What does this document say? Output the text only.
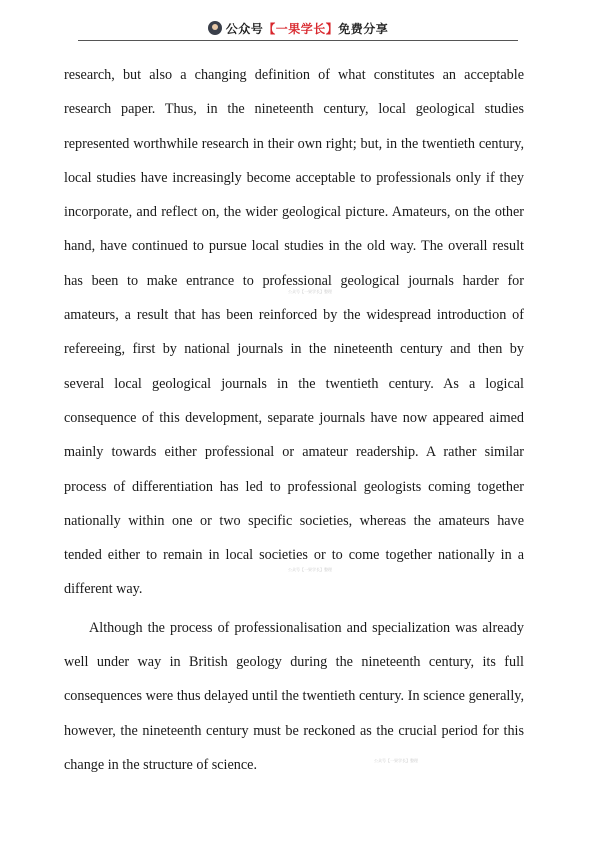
公众号【一果学长】免费分享

research, but also a changing definition of what constitutes an acceptable research paper. Thus, in the nineteenth century, local geological studies represented worthwhile research in their own right; but, in the twentieth century, local studies have increasingly become acceptable to professionals only if they incorporate, and reflect on, the wider geological picture. Amateurs, on the other hand, have continued to pursue local studies in the old way. The overall result has been to make entrance to professional geological journals harder for amateurs, a result that has been reinforced by the widespread introduction of refereeing, first by national journals in the nineteenth century and then by several local geological journals in the twentieth century. As a logical consequence of this development, separate journals have now appeared aimed mainly towards either professional or amateur readership. A rather similar process of differentiation has led to professional geologists coming together nationally within one or two specific societies, whereas the amateurs have tended either to remain in local societies or to come together nationally in a different way.

Although the process of professionalisation and specialization was already well under way in British geology during the nineteenth century, its full consequences were thus delayed until the twentieth century. In science generally, however, the nineteenth century must be reckoned as the crucial period for this change in the structure of science.

公众号【一果学长】整理
公众号【一果学长】整理
公众号【一果学长】整理
